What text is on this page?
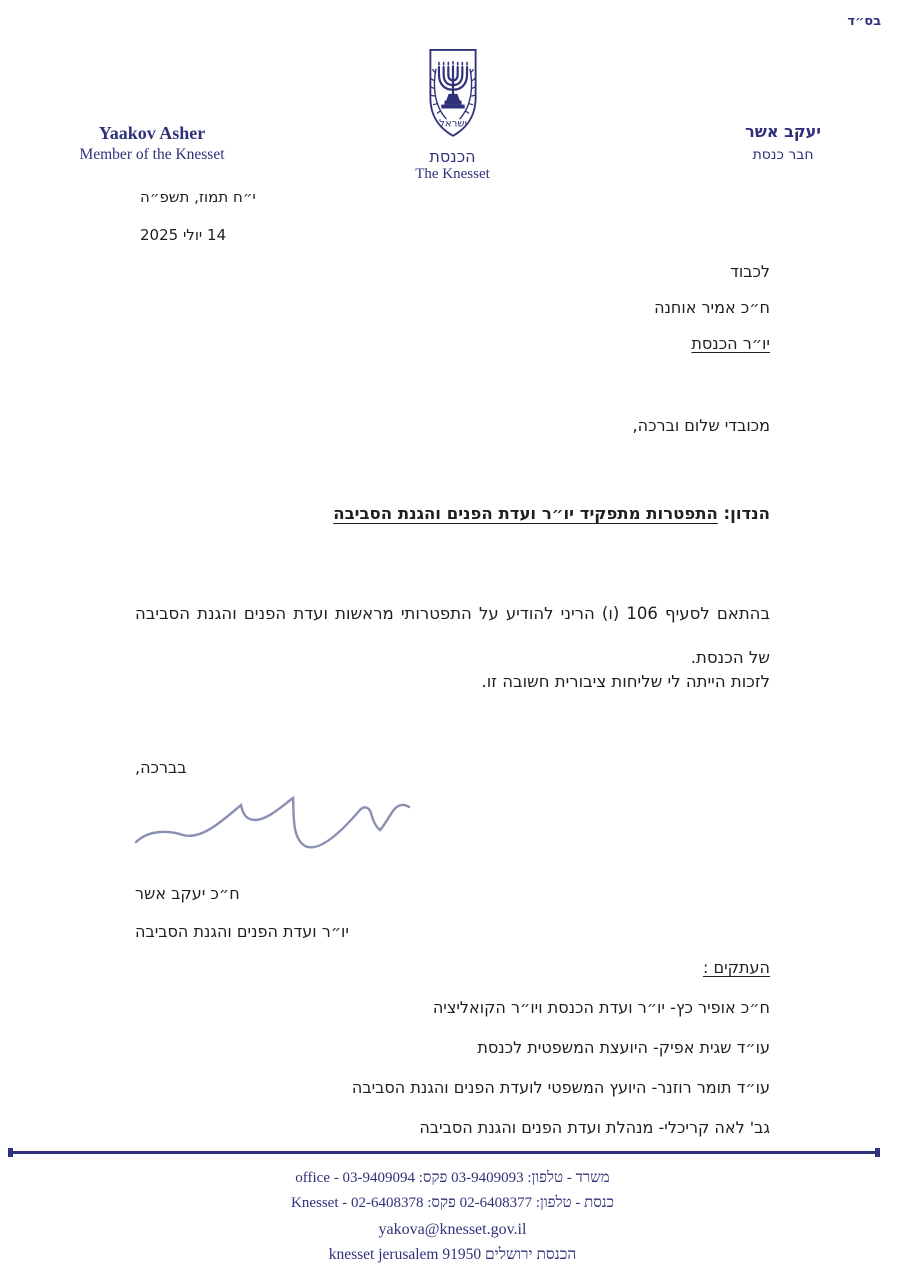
בס״ד
ישראל
הכנסת
The Knesset
Yaakov Asher
Member of the Knesset
יעקב אשר
חבר כנסת
י״ח תמוז, תשפ״ה
14 יולי 2025
לכבוד
ח״כ אמיר אוחנה
יו״ר הכנסת
מכובדי שלום וברכה,
הנדון: התפטרות מתפקיד יו״ר ועדת הפנים והגנת הסביבה
בהתאם לסעיף 106 (ו) הריני להודיע על התפטרותי מראשות ועדת הפנים והגנת הסביבה של הכנסת.
לזכות הייתה לי שליחות ציבורית חשובה זו.
בברכה,
ח״כ יעקב אשר
יו״ר ועדת הפנים והגנת הסביבה
העתקים :
ח״כ אופיר כץ- יו״ר ועדת הכנסת ויו״ר הקואליציה
עו״ד שגית אפיק- היועצת המשפטית לכנסת
עו״ד תומר רוזנר- היועץ המשפטי לועדת הפנים והגנת הסביבה
גב' לאה קריכלי- מנהלת ועדת הפנים והגנת הסביבה
משרד - טלפון: 03-9409093 פקס: 03-9409094 - office
כנסת - טלפון: 02-6408377 פקס: 02-6408378 - Knesset
yakova@knesset.gov.il
הכנסת ירושלים 91950 knesset jerusalem
